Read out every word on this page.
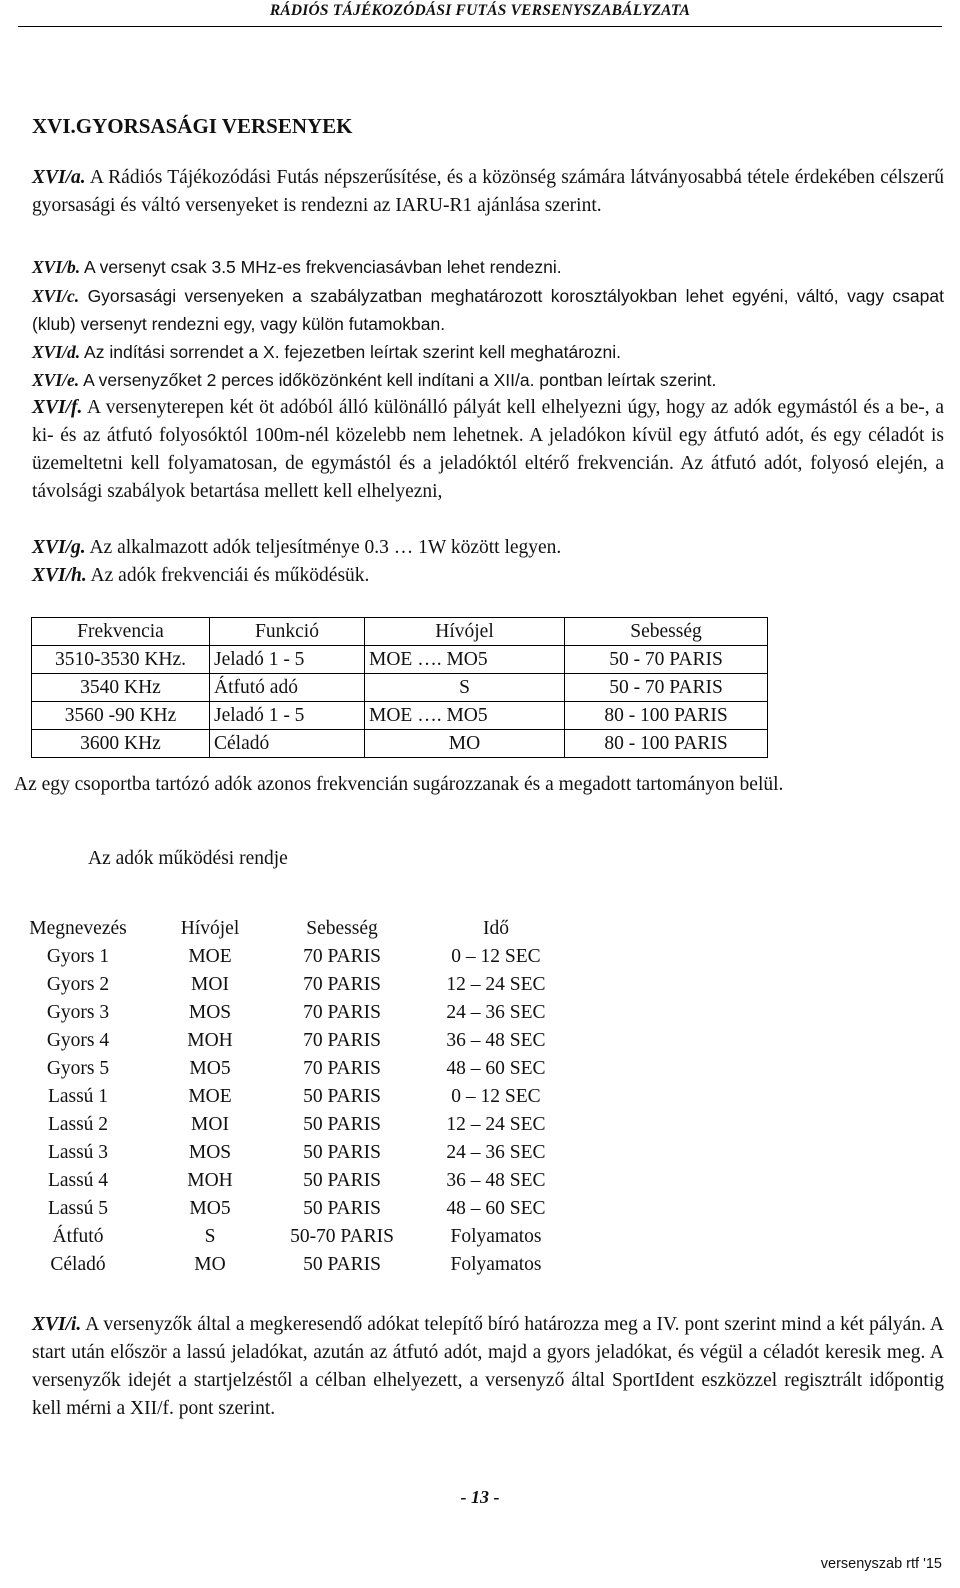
RÁDIÓS TÁJÉKOZÓDÁSI FUTÁS VERSENYSZABÁLYZATA
XVI.GYORSASÁGI VERSENYEK
XVI/a. A Rádiós Tájékozódási Futás népszerűsítése, és a közönség számára látványosabbá tétele érdekében célszerű gyorsasági és váltó versenyeket is rendezni az IARU-R1 ajánlása szerint.
XVI/b. A versenyt csak 3.5 MHz-es frekvenciasávban lehet rendezni.
XVI/c. Gyorsasági versenyeken a szabályzatban meghatározott korosztályokban lehet egyéni, váltó, vagy csapat (klub) versenyt rendezni egy, vagy külön futamokban.
XVI/d. Az indítási sorrendet a X. fejezetben leírtak szerint kell meghatározni.
XVI/e. A versenyzőket 2 perces időközönként kell indítani a XII/a. pontban leírtak szerint.
XVI/f. A versenyterepen két öt adóból álló különálló pályát kell elhelyezni úgy, hogy az adók egymástól és a be-, a ki- és az átfutó folyosóktól 100m-nél közelebb nem lehetnek. A jeladókon kívül egy átfutó adót, és egy céladót is üzemeltetni kell folyamatosan, de egymástól és a jeladóktól eltérő frekvencián. Az átfutó adót, folyosó elején, a távolsági szabályok betartása mellett kell elhelyezni,
XVI/g. Az alkalmazott adók teljesítménye 0.3 … 1W között legyen.
XVI/h. Az adók frekvenciái és működésük.
Frekvencia	Funkció	Hívójel	Sebesség
3510-3530 KHz.	Jeladó 1 - 5	MOE …. MO5	50 - 70 PARIS
3540 KHz	Átfutó adó	S	50 - 70 PARIS
3560 -90 KHz	Jeladó 1 - 5	MOE …. MO5	80 - 100 PARIS
3600 KHz	Céladó	MO	80 - 100 PARIS
Az egy csoportba tartózó adók azonos frekvencián sugározzanak és a megadott tartományon belül.
Az adók működési rendje
Megnevezés	Hívójel	Sebesség	Idő
Gyors 1	MOE	70 PARIS	0 – 12 SEC
Gyors 2	MOI	70 PARIS	12 – 24 SEC
Gyors 3	MOS	70 PARIS	24 – 36 SEC
Gyors 4	MOH	70 PARIS	36 – 48 SEC
Gyors 5	MO5	70 PARIS	48 – 60 SEC
Lassú 1	MOE	50 PARIS	0 – 12 SEC
Lassú 2	MOI	50 PARIS	12 – 24 SEC
Lassú 3	MOS	50 PARIS	24 – 36 SEC
Lassú 4	MOH	50 PARIS	36 – 48 SEC
Lassú 5	MO5	50 PARIS	48 – 60 SEC
Átfutó	S	50-70 PARIS	Folyamatos
Céladó	MO	50 PARIS	Folyamatos
XVI/i. A versenyzők által a megkeresendő adókat telepítő bíró határozza meg a IV. pont szerint mind a két pályán. A start után először a lassú jeladókat, azután az átfutó adót, majd a gyors jeladókat, és végül a céladót keresik meg. A versenyzők idejét a startjelzéstől a célban elhelyezett, a versenyző által SportIdent eszközzel regisztrált időpontig kell mérni a XII/f. pont szerint.
- 13 -
versenyszab rtf '15
